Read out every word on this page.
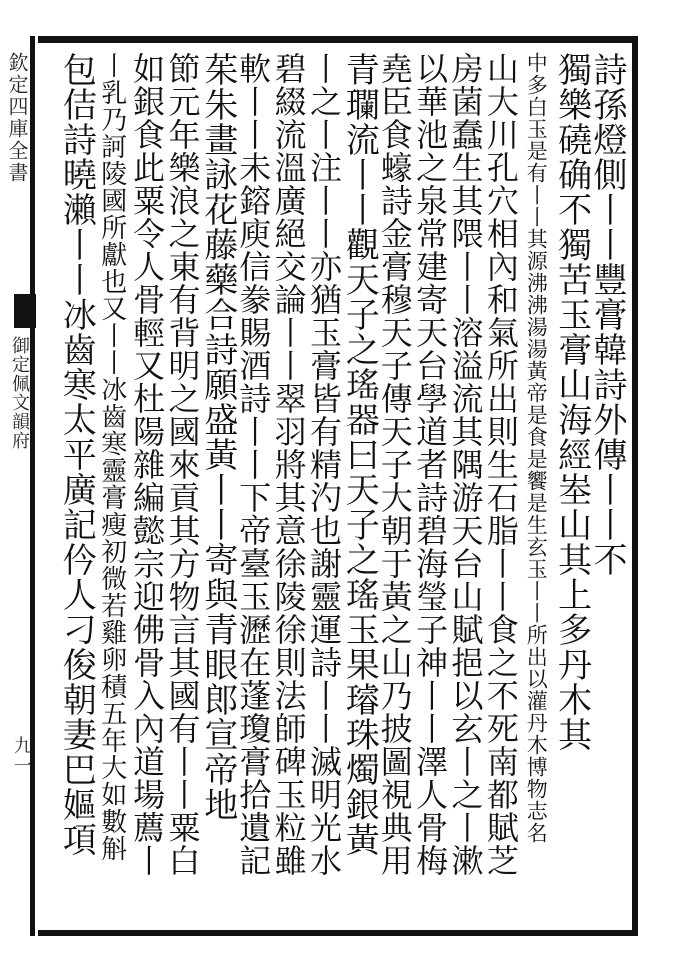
欽定四庫全書
御定佩文韻府
九一
詩孫燈側丨丨豐膏韓詩外傳丨丨不
獨樂磽确不獨苦玉膏山海經峚山其上多丹木其
中多白玉是有丨丨其源沸沸湯湯黃帝是食是饗是生玄玉丨丨所出以灌丹木博物志名
山大川孔穴相內和氣所出則生石脂丨丨食之不死南都賦芝
房菌蠢生其隈丨丨溶溢流其隅游天台山賦挹以玄丨之丨漱
以華池之泉常建寄天台學道者詩碧海瑩子神丨丨澤人骨梅
堯臣食蠔詩金膏穆天子傳天子大朝于黃之山乃披圖視典用
青瓓流丨丨觀天子之瑤器曰天子之瑤玉果璿珠燭銀黃
丨之丨注丨丨亦猶玉膏皆有精汋也謝靈運詩丨丨滅明光水
碧綴流溫廣絕交論丨丨翠羽將其意徐陵徐則法師碑玉粒雖
軟丨丨未鎔庾信豢賜酒詩丨丨下帝臺玉瀝在蓬瓊膏拾遺記
茱朱畫詠花藤藥合詩願盛黃丨丨寄與青眼郎宣帝地
節元年樂浪之東有背明之國來貢其方物言其國有丨丨粟白
如銀食此粟令人骨輕又杜陽雜編懿宗迎佛骨入內道場薦丨
丨乳乃訶陵國所獻也又丨丨冰齒寒靈膏瘦初微若雞卵積五年大如數斛
包佶詩曉瀨丨丨冰齒寒太平廣記仱人刁俊朝妻巴嫗項
